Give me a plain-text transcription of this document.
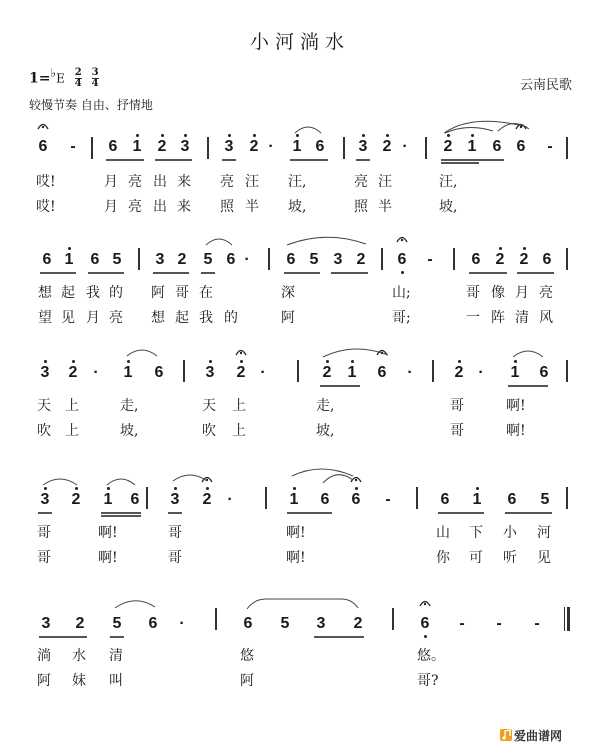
小河淌水
1=♭E $\frac{2}{4}$
$\frac{3}{4}$	云南民歌
较慢节奏 自由、抒情地
6 - 6 1 2 3 3 2 · 1 6 3 2 · 2 1 6 6 -
哎!	月 亮 出 来 亮 汪 汪,	亮 汪	汪,
哎!	月 亮 出 来 照 半 坡,	照 半	坡,
6 1 6 5 3 2 5 6 · 6 5 3 2 6 - 6 2 2 6
想 起 我 的 阿 哥 在	深	山;	哥 像 月 亮
望 见 月 亮 想 起 我 的	阿	哥;	一 阵 清 风
3 2 · 1 6	3 2 ·	2 1 6 ·	2 · 1 6
天 上	走,	天 上	走,	哥	啊!
吹 上	坡,	吹 上	坡,	哥	啊!
3 2 1 6 3 2 ·	1 6 6 -	6 1 6 5
哥	啊!	哥	啊!	山 下 小 河
哥	啊!	哥	啊!	你 可 听 见
3 2 5 6 ·	6 5 3 2	6 - - -
淌 水 清	悠	悠。
阿 妹 叫	阿	哥?
爱曲谱网
